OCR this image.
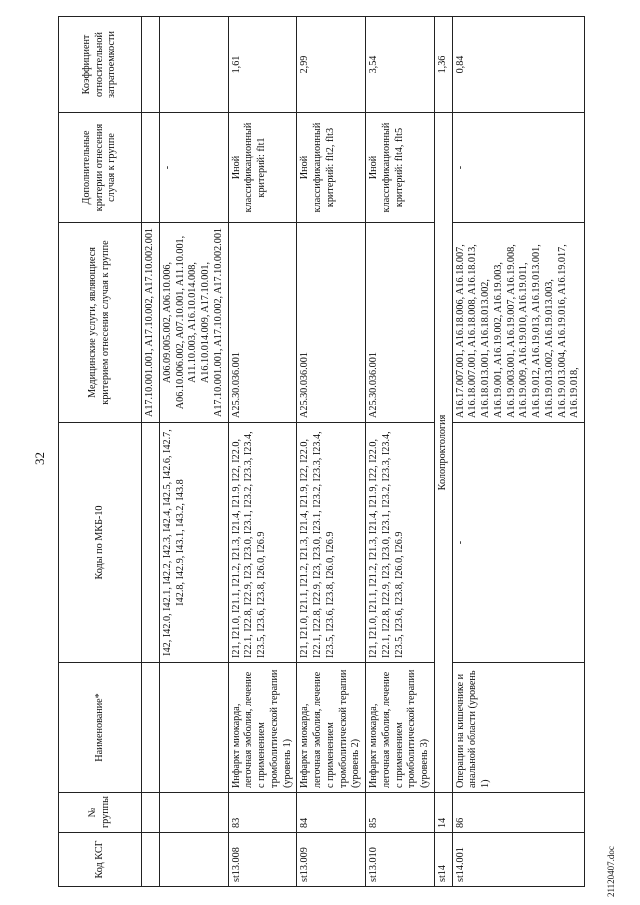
32
Код КСГ	№ группы	Наименование*	Коды по МКБ-10	Медицинские услуги, являющиеся критерием отнесения случая к группе	Дополнительные критерии отнесения случая к группе	Коэффициент относительной затратоемкости
				A17.10.001.001, A17.10.002, A17.10.002.001		
			I42, I42.0, I42.1, I42.2, I42.3, I42.4, I42.5, I42.6, I42.7, I42.8, I42.9, I43.1, I43.2, I43.8	A06.09.005.002, A06.10.006, A06.10.006.002, A07.10.001, A11.10.001, A11.10.003, A16.10.014.008, A16.10.014.009, A17.10.001, A17.10.001.001, A17.10.002, A17.10.002.001	-	
st13.008	83	Инфаркт миокарда, легочная эмболия, лечение с применением тромболитической терапии (уровень 1)	I21, I21.0, I21.1, I21.2, I21.3, I21.4, I21.9, I22, I22.0, I22.1, I22.8, I22.9, I23, I23.0, I23.1, I23.2, I23.3, I23.4, I23.5, I23.6, I23.8, I26.0, I26.9	A25.30.036.001	Иной классификационный критерий: flt1	1,61
st13.009	84	Инфаркт миокарда, легочная эмболия, лечение с применением тромболитической терапии (уровень 2)	I21, I21.0, I21.1, I21.2, I21.3, I21.4, I21.9, I22, I22.0, I22.1, I22.8, I22.9, I23, I23.0, I23.1, I23.2, I23.3, I23.4, I23.5, I23.6, I23.8, I26.0, I26.9	A25.30.036.001	Иной классификационный критерий: flt2, flt3	2,99
st13.010	85	Инфаркт миокарда, легочная эмболия, лечение с применением тромболитической терапии (уровень 3)	I21, I21.0, I21.1, I21.2, I21.3, I21.4, I21.9, I22, I22.0, I22.1, I22.8, I22.9, I23, I23.0, I23.1, I23.2, I23.3, I23.4, I23.5, I23.6, I23.8, I26.0, I26.9	A25.30.036.001	Иной классификационный критерий: flt4, flt5	3,54
st14	14	Колопроктология				1,36
st14.001	86	Операции на кишечнике и анальной области (уровень 1)	-	A16.17.007.001, A16.18.006, A16.18.007, A16.18.007.001, A16.18.008, A16.18.013, A16.18.013.001, A16.18.013.002, A16.19.001, A16.19.002, A16.19.003, A16.19.003.001, A16.19.007, A16.19.008, A16.19.009, A16.19.010, A16.19.011, A16.19.012, A16.19.013, A16.19.013.001, A16.19.013.002, A16.19.013.003, A16.19.013.004, A16.19.016, A16.19.017, A16.19.018,	-	0,84
21120407.doc
